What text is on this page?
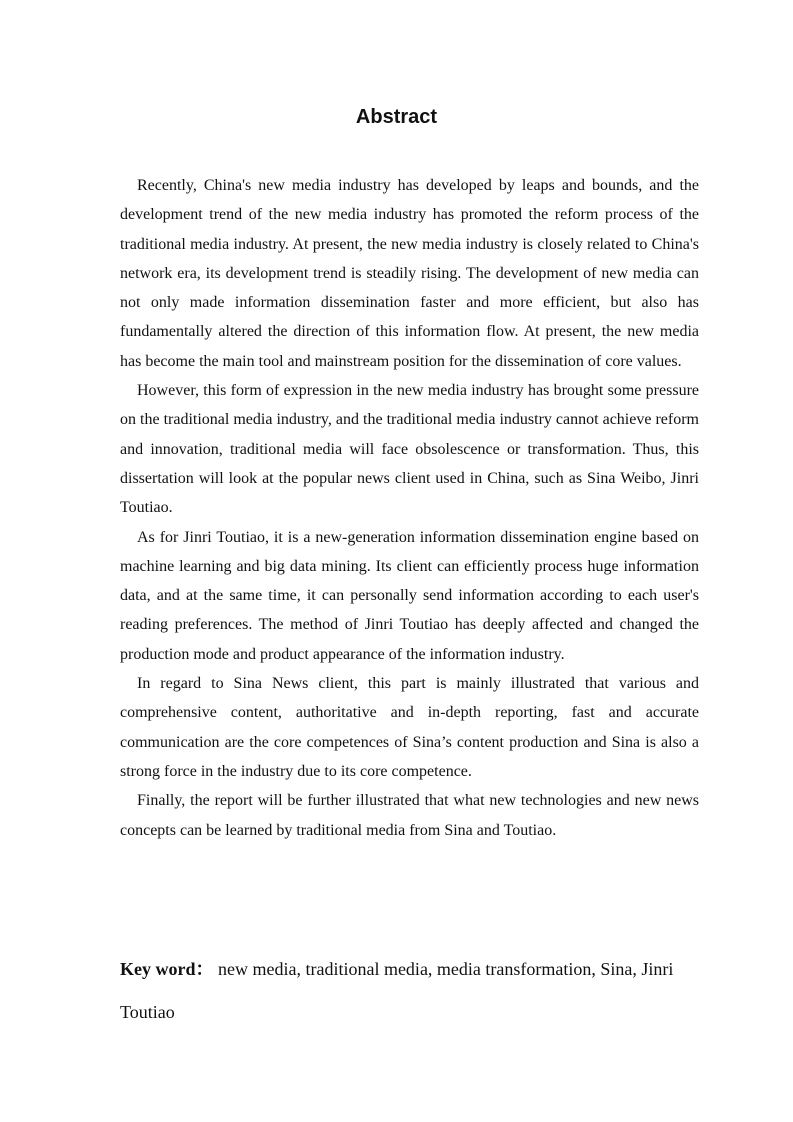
Abstract

Recently, China's new media industry has developed by leaps and bounds, and the development trend of the new media industry has promoted the reform process of the traditional media industry. At present, the new media industry is closely related to China's network era, its development trend is steadily rising. The development of new media can not only made information dissemination faster and more efficient, but also has fundamentally altered the direction of this information flow. At present, the new media has become the main tool and mainstream position for the dissemination of core values.

However, this form of expression in the new media industry has brought some pressure on the traditional media industry, and the traditional media industry cannot achieve reform and innovation, traditional media will face obsolescence or transformation. Thus, this dissertation will look at the popular news client used in China, such as Sina Weibo, Jinri Toutiao.

As for Jinri Toutiao, it is a new-generation information dissemination engine based on machine learning and big data mining. Its client can efficiently process huge information data, and at the same time, it can personally send information according to each user's reading preferences. The method of Jinri Toutiao has deeply affected and changed the production mode and product appearance of the information industry.

In regard to Sina News client, this part is mainly illustrated that various and comprehensive content, authoritative and in-depth reporting, fast and accurate communication are the core competences of Sina’s content production and Sina is also a strong force in the industry due to its core competence.

Finally, the report will be further illustrated that what new technologies and new news concepts can be learned by traditional media from Sina and Toutiao.

Key word： new media, traditional media, media transformation, Sina, Jinri Toutiao
